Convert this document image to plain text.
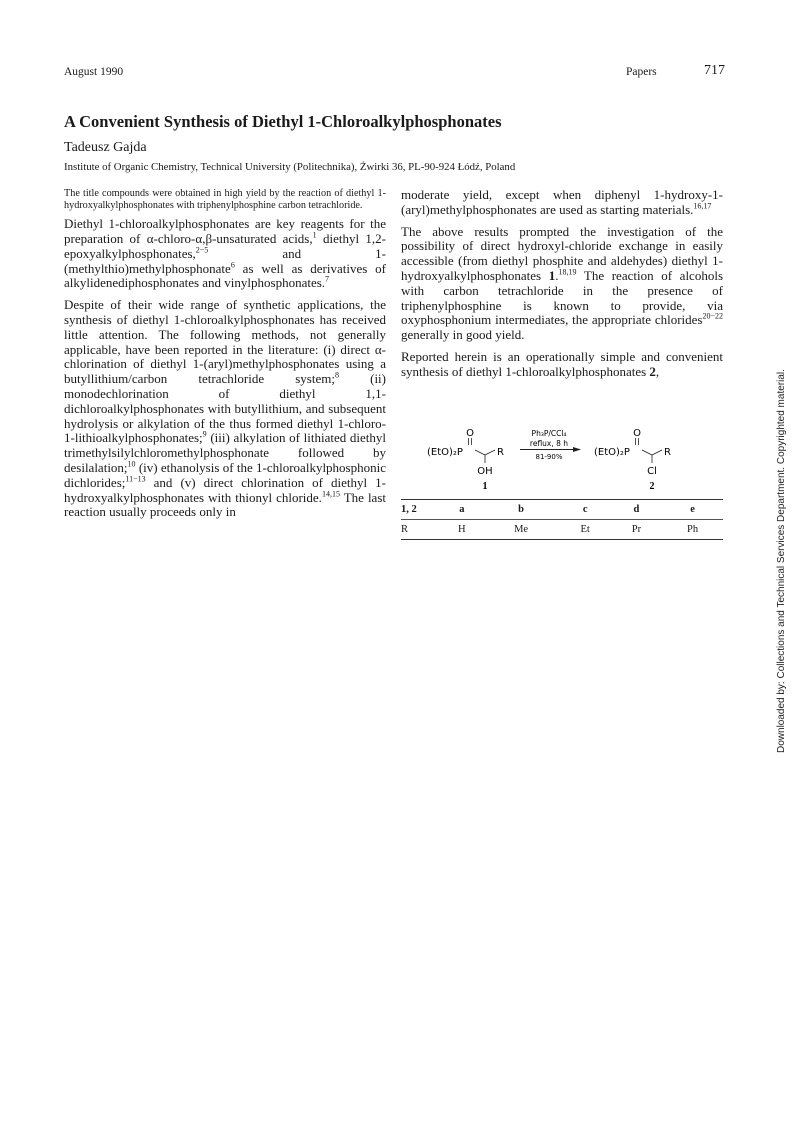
August 1990	Papers	717
A Convenient Synthesis of Diethyl 1-Chloroalkylphosphonates
Tadeusz Gajda
Institute of Organic Chemistry, Technical University (Politechnika), Żwirki 36, PL-90-924 Łódź, Poland

The title compounds were obtained in high yield by the reaction of diethyl 1-hydroxyalkylphosphonates with triphenylphosphine carbon tetrachloride.

Diethyl 1-chloroalkylphosphonates are key reagents for the preparation of α-chloro-α,β-unsaturated acids,$^1$ diethyl 1,2-epoxyalkylphosphonates,$^{2-5}$ and 1-(methylthio)methylphosphonate$^6$ as well as derivatives of alkylidenediphosphonates and vinylphosphonates.$^7$

Despite of their wide range of synthetic applications, the synthesis of diethyl 1-chloroalkylphosphonates has received little attention. The following methods, not generally applicable, have been reported in the literature: (i) direct α-chlorination of diethyl 1-(aryl)methylphosphonates using a butyllithium/carbon tetrachloride system;$^8$ (ii) monodechlorination of diethyl 1,1-dichloroalkylphosphonates with butyllithium, and subsequent hydrolysis or alkylation of the thus formed diethyl 1-chloro-1-lithioalkylphosphonates;$^9$ (iii) alkylation of lithiated diethyl trimethylsilylchloromethylphosphonate followed by desilalation;$^{10}$ (iv) ethanolysis of the 1-chloroalkylphosphonic dichlorides;$^{11-13}$ and (v) direct chlorination of diethyl 1-hydroxyalkylphosphonates with thionyl chloride.$^{14,15}$ The last reaction usually proceeds only in

moderate yield, except when diphenyl 1-hydroxy-1-(aryl)methylphosphonates are used as starting materials.$^{16,17}$

The above results prompted the investigation of the possibility of direct hydroxyl-chloride exchange in easily accessible (from diethyl phosphite and aldehydes) diethyl 1-hydroxyalkylphosphonates 1.$^{18,19}$ The reaction of alcohols with carbon tetrachloride in the presence of triphenylphosphine is known to provide, via oxyphosphonium intermediates, the appropriate chlorides$^{20-22}$ generally in good yield.

Reported herein is an operationally simple and convenient synthesis of diethyl 1-chloroalkylphosphonates 2,

O
(EtO)₂P	R
OH
1
Ph₃P/CCl₄
reflux, 8 h
81-90%
O
(EtO)₂P	R
Cl
2
1, 2	a	b	c	d	e
R	H	Me	Et	Pr	Ph	Downloaded by: Collections and Technical Services Department. Copyrighted material.
